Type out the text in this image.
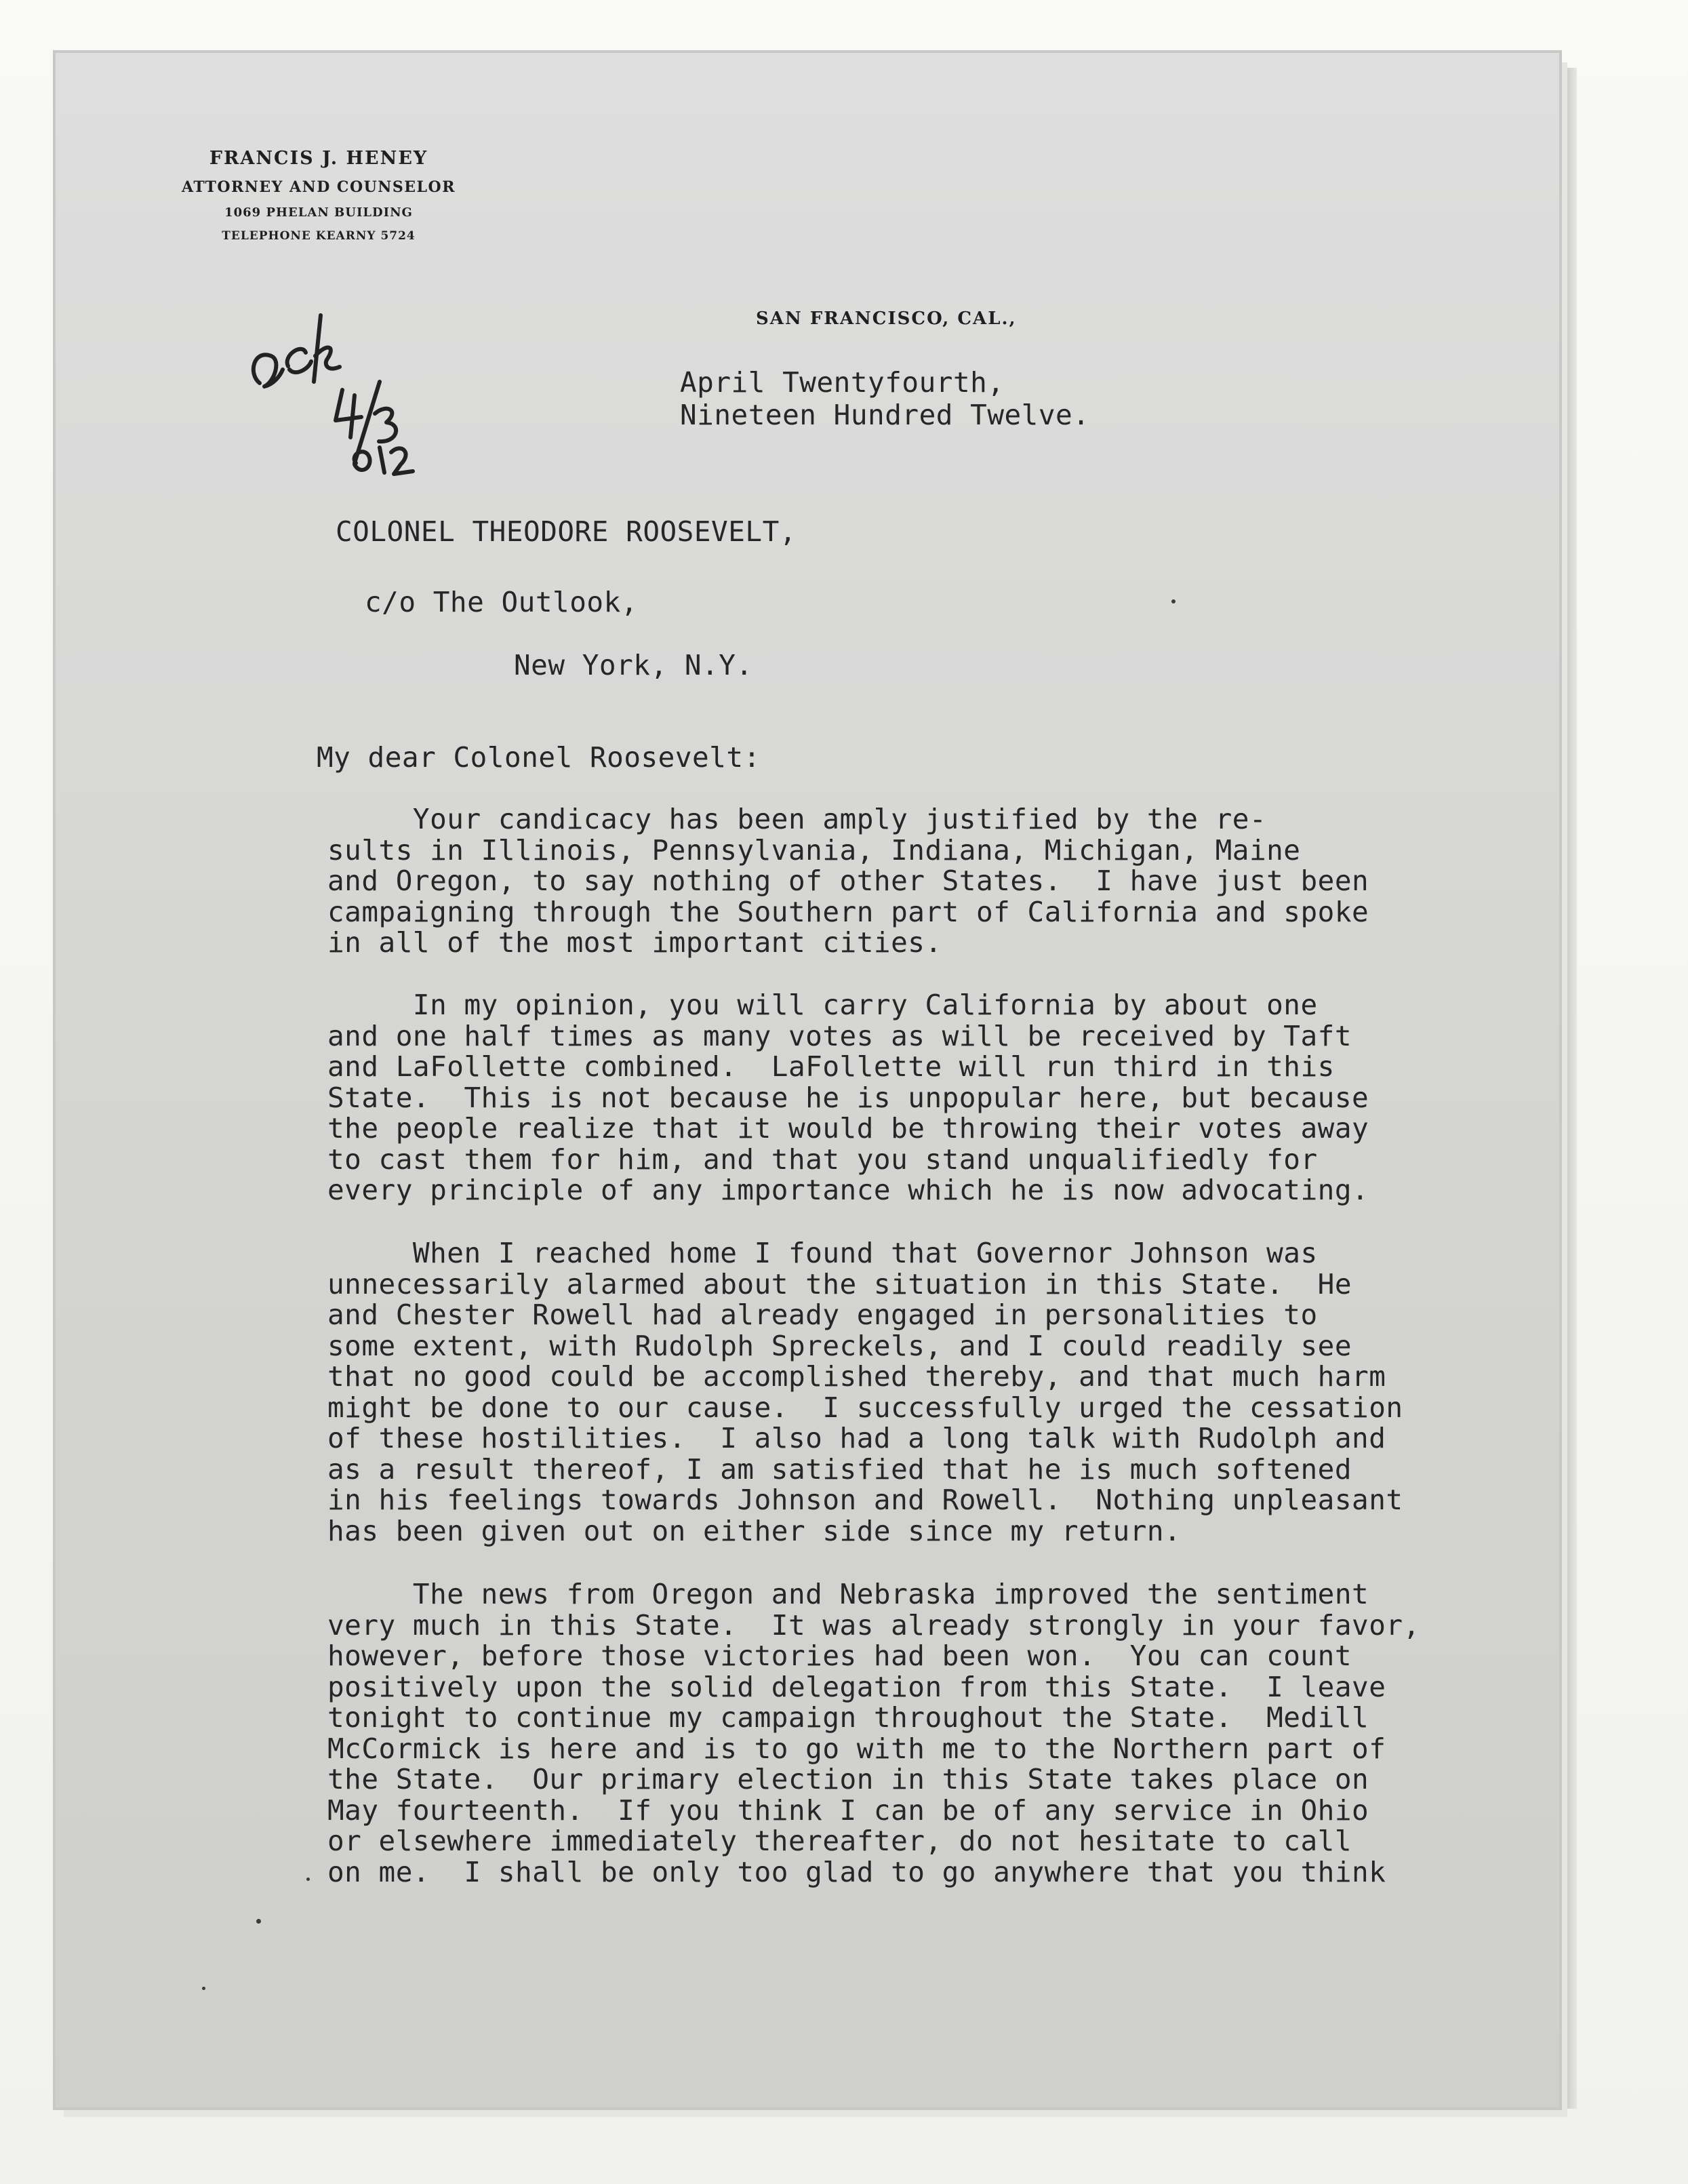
FRANCIS J. HENEY

ATTORNEY AND COUNSELOR

1069 PHELAN BUILDING

TELEPHONE KEARNY 5724

SAN FRANCISCO, CAL.,

April Twentyfourth,
Nineteen Hundred Twelve.

COLONEL THEODORE ROOSEVELT,

c/o The Outlook,

New York, N.Y.

My dear Colonel Roosevelt:

Your candicacy has been amply justified by the re-
sults in Illinois, Pennsylvania, Indiana, Michigan, Maine
and Oregon, to say nothing of other States.  I have just been
campaigning through the Southern part of California and spoke
in all of the most important cities.

In my opinion, you will carry California by about one
and one half times as many votes as will be received by Taft
and LaFollette combined.  LaFollette will run third in this
State.  This is not because he is unpopular here, but because
the people realize that it would be throwing their votes away
to cast them for him, and that you stand unqualifiedly for
every principle of any importance which he is now advocating.

When I reached home I found that Governor Johnson was
unnecessarily alarmed about the situation in this State.  He
and Chester Rowell had already engaged in personalities to
some extent, with Rudolph Spreckels, and I could readily see
that no good could be accomplished thereby, and that much harm
might be done to our cause.  I successfully urged the cessation
of these hostilities.  I also had a long talk with Rudolph and
as a result thereof, I am satisfied that he is much softened
in his feelings towards Johnson and Rowell.  Nothing unpleasant
has been given out on either side since my return.

The news from Oregon and Nebraska improved the sentiment
very much in this State.  It was already strongly in your favor,
however, before those victories had been won.  You can count
positively upon the solid delegation from this State.  I leave
tonight to continue my campaign throughout the State.  Medill
McCormick is here and is to go with me to the Northern part of
the State.  Our primary election in this State takes place on
May fourteenth.  If you think I can be of any service in Ohio
or elsewhere immediately thereafter, do not hesitate to call
on me.  I shall be only too glad to go anywhere that you think
